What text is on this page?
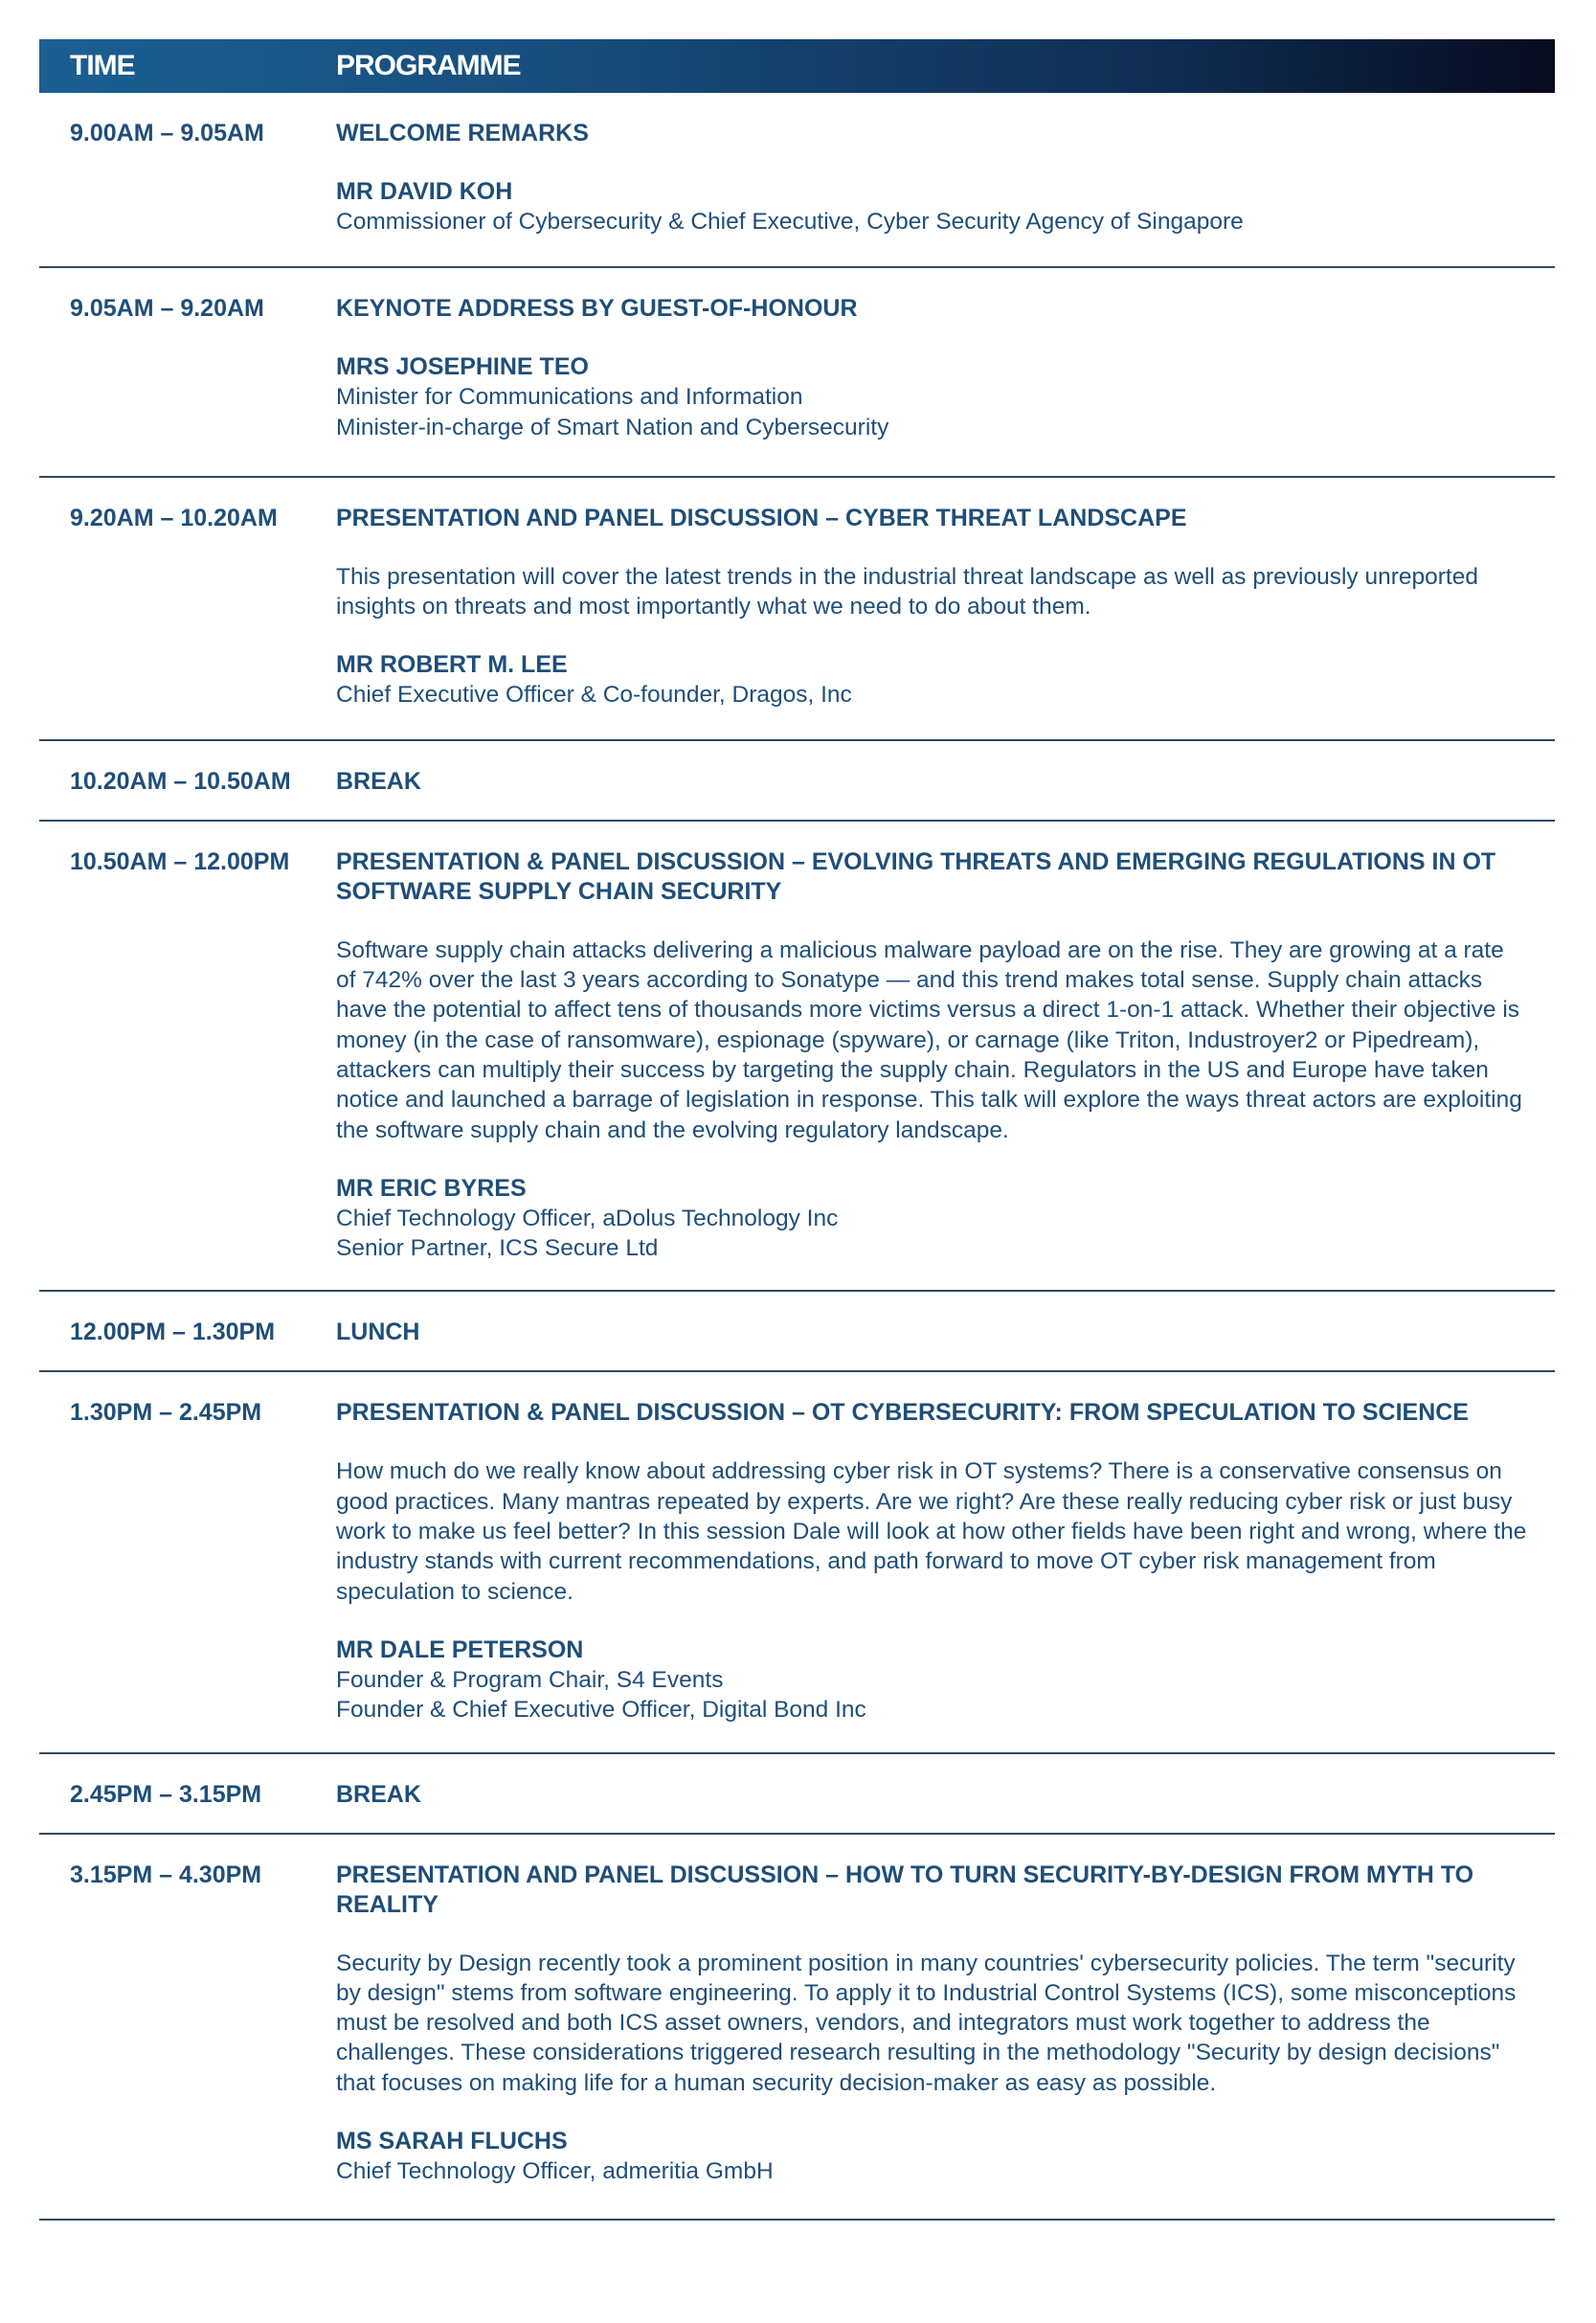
TIME	PROGRAMME
9.00AM – 9.05AM	WELCOME REMARKS
MR DAVID KOH
Commissioner of Cybersecurity & Chief Executive, Cyber Security Agency of Singapore
9.05AM – 9.20AM	KEYNOTE ADDRESS BY GUEST-OF-HONOUR
MRS JOSEPHINE TEO
Minister for Communications and Information
Minister-in-charge of Smart Nation and Cybersecurity
9.20AM – 10.20AM	PRESENTATION AND PANEL DISCUSSION – CYBER THREAT LANDSCAPE
This presentation will cover the latest trends in the industrial threat landscape as well as previously unreported insights on threats and most importantly what we need to do about them.
MR ROBERT M. LEE
Chief Executive Officer & Co-founder, Dragos, Inc
10.20AM – 10.50AM	BREAK
10.50AM – 12.00PM	PRESENTATION & PANEL DISCUSSION – EVOLVING THREATS AND EMERGING REGULATIONS IN OT SOFTWARE SUPPLY CHAIN SECURITY
Software supply chain attacks delivering a malicious malware payload are on the rise. They are growing at a rate of 742% over the last 3 years according to Sonatype — and this trend makes total sense. Supply chain attacks have the potential to affect tens of thousands more victims versus a direct 1-on-1 attack. Whether their objective is money (in the case of ransomware), espionage (spyware), or carnage (like Triton, Industroyer2 or Pipedream), attackers can multiply their success by targeting the supply chain. Regulators in the US and Europe have taken notice and launched a barrage of legislation in response. This talk will explore the ways threat actors are exploiting the software supply chain and the evolving regulatory landscape.
MR ERIC BYRES
Chief Technology Officer, aDolus Technology Inc
Senior Partner, ICS Secure Ltd
12.00PM – 1.30PM	LUNCH
1.30PM – 2.45PM	PRESENTATION & PANEL DISCUSSION – OT CYBERSECURITY: FROM SPECULATION TO SCIENCE
How much do we really know about addressing cyber risk in OT systems? There is a conservative consensus on good practices. Many mantras repeated by experts. Are we right? Are these really reducing cyber risk or just busy work to make us feel better? In this session Dale will look at how other fields have been right and wrong, where the industry stands with current recommendations, and path forward to move OT cyber risk management from speculation to science.
MR DALE PETERSON
Founder & Program Chair, S4 Events
Founder & Chief Executive Officer, Digital Bond Inc
2.45PM – 3.15PM	BREAK
3.15PM – 4.30PM	PRESENTATION AND PANEL DISCUSSION – HOW TO TURN SECURITY-BY-DESIGN FROM MYTH TO REALITY
Security by Design recently took a prominent position in many countries' cybersecurity policies. The term "security by design" stems from software engineering. To apply it to Industrial Control Systems (ICS), some misconceptions must be resolved and both ICS asset owners, vendors, and integrators must work together to address the challenges. These considerations triggered research resulting in the methodology "Security by design decisions" that focuses on making life for a human security decision-maker as easy as possible.
MS SARAH FLUCHS
Chief Technology Officer, admeritia GmbH
